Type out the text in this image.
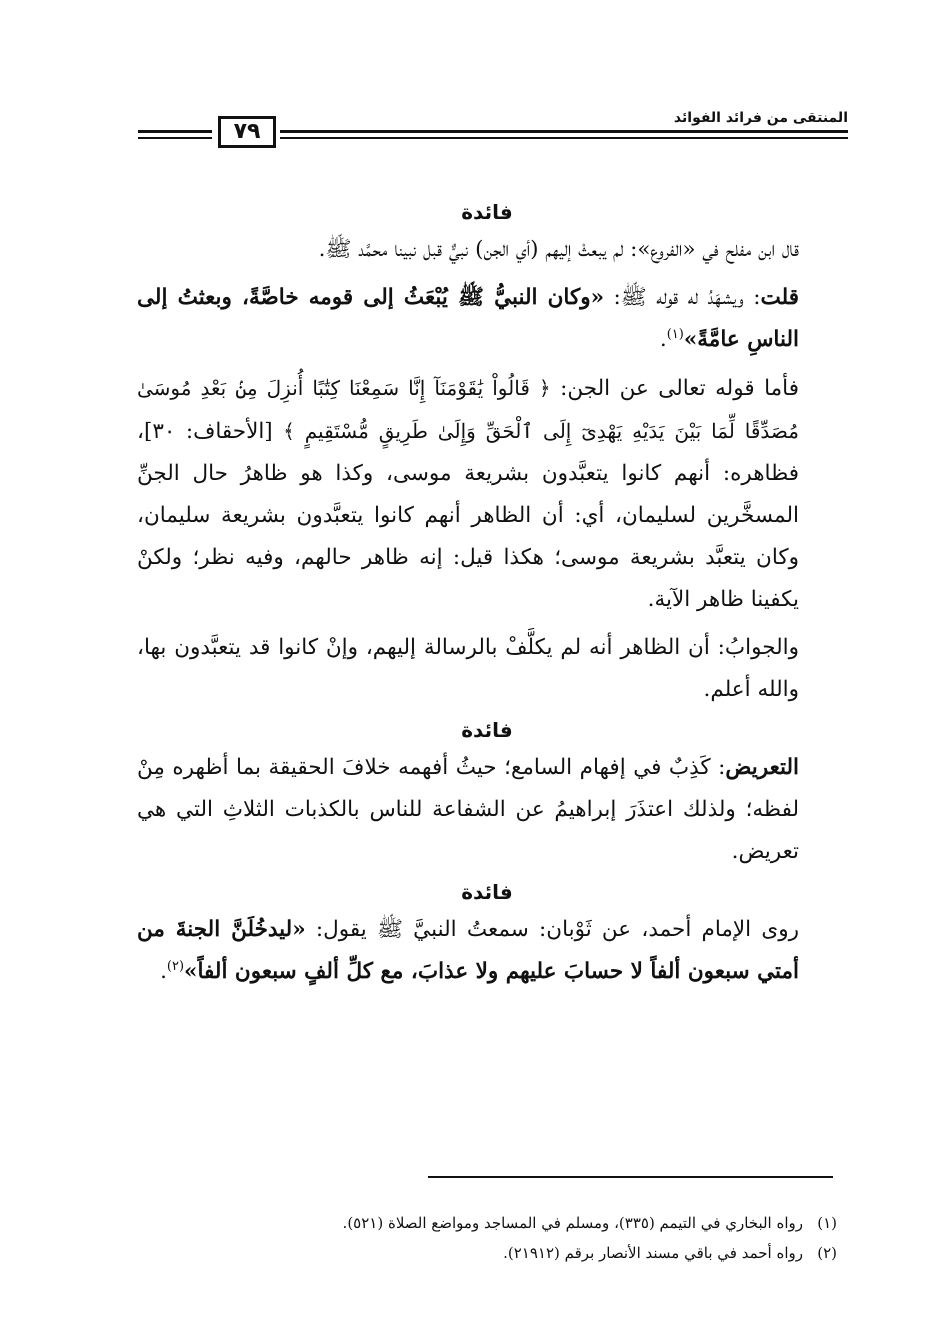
المنتقى من فرائد الفوائد
٧٩
فائدة

قال ابن مفلح في «الفروع»: لم يبعثْ إليهم (أي الجن) نبيٌّ قبل نبينا محمَّد ﷺ.

قلت: ويشهَدُ له قوله ﷺ: «وكان النبيُّ ﷺ يُبْعَثُ إلى قومه خاصَّةً، وبعثتُ إلى الناسِ عامَّةً»$^{(١)}$.

فأما قوله تعالى عن الجن: ﴿ قَالُواْ يَٰقَوْمَنَآ إِنَّا سَمِعْنَا كِتَٰبًا أُنزِلَ مِنۢ بَعْدِ مُوسَىٰ مُصَدِّقًا لِّمَا بَيْنَ يَدَيْهِ يَهْدِىٓ إِلَى ٱلْحَقِّ وَإِلَىٰ طَرِيقٍ مُّسْتَقِيمٍ ﴾ [الأحقاف: ٣٠]، فظاهره: أنهم كانوا يتعبَّدون بشريعة موسى، وكذا هو ظاهرُ حال الجنِّ المسخَّرين لسليمان، أي: أن الظاهر أنهم كانوا يتعبَّدون بشريعة سليمان، وكان يتعبَّد بشريعة موسى؛ هكذا قيل: إنه ظاهر حالهم، وفيه نظر؛ ولكنْ يكفينا ظاهر الآية.

والجوابُ: أن الظاهر أنه لم يكلَّفْ بالرسالة إليهم، وإنْ كانوا قد يتعبَّدون بها، والله أعلم.

فائدة

التعريض: كَذِبٌ في إفهام السامع؛ حيثُ أفهمه خلافَ الحقيقة بما أظهره مِنْ لفظه؛ ولذلك اعتذَرَ إبراهيمُ عن الشفاعة للناس بالكذبات الثلاثِ التي هي تعريض.

فائدة

روى الإمام أحمد، عن ثَوْبان: سمعتُ النبيَّ ﷺ يقول: «ليدخُلَنَّ الجنةَ من أمتي سبعون ألفاً لا حسابَ عليهم ولا عذابَ، مع كلِّ ألفٍ سبعون ألفاً»$^{(٢)}$.

(١)رواه البخاري في التيمم (٣٣٥)، ومسلم في المساجد ومواضع الصلاة (٥٢١).

(٢)رواه أحمد في باقي مسند الأنصار برقم (٢١٩١٢).
